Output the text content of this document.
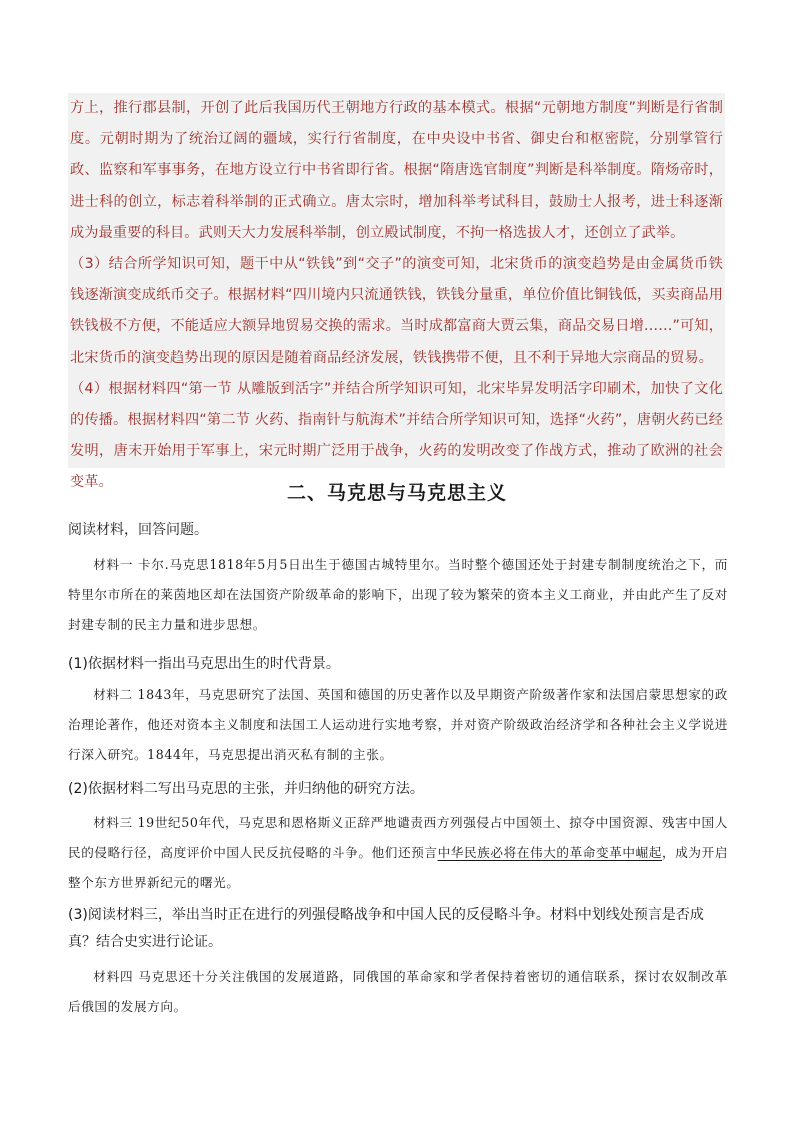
方上，推行郡县制，开创了此后我国历代王朝地方行政的基本模式。根据“元朝地方制度”判断是行省制度。元朝时期为了统治辽阔的疆域，实行行省制度，在中央设中书省、御史台和枢密院，分别掌管行政、监察和军事事务，在地方设立行中书省即行省。根据“隋唐选官制度”判断是科举制度。隋炀帝时，进士科的创立，标志着科举制的正式确立。唐太宗时，增加科举考试科目，鼓励士人报考，进士科逐渐成为最重要的科目。武则天大力发展科举制，创立殿试制度，不拘一格选拔人才，还创立了武举。

（3）结合所学知识可知，题干中从“铁钱”到“交子”的演变可知，北宋货币的演变趋势是由金属货币铁钱逐渐演变成纸币交子。根据材料“四川境内只流通铁钱，铁钱分量重，单位价值比铜钱低，买卖商品用铁钱极不方便，不能适应大额异地贸易交换的需求。当时成都富商大贾云集，商品交易日增……”可知，北宋货币的演变趋势出现的原因是随着商品经济发展，铁钱携带不便，且不利于异地大宗商品的贸易。

（4）根据材料四“第一节 从雕版到活字”并结合所学知识可知，北宋毕昇发明活字印刷术，加快了文化的传播。根据材料四“第二节 火药、指南针与航海术”并结合所学知识可知，选择“火药”，唐朝火药已经发明，唐末开始用于军事上，宋元时期广泛用于战争，火药的发明改变了作战方式，推动了欧洲的社会变革。	二、马克思与马克思主义

阅读材料，回答问题。

材料一 卡尔.马克思1818年5月5日出生于德国古城特里尔。当时整个德国还处于封建专制制度统治之下，而特里尔市所在的莱茵地区却在法国资产阶级革命的影响下，出现了较为繁荣的资本主义工商业，并由此产生了反对封建专制的民主力量和进步思想。

(1)依据材料一指出马克思出生的时代背景。

材料二 1843年，马克思研究了法国、英国和德国的历史著作以及早期资产阶级著作家和法国启蒙思想家的政治理论著作，他还对资本主义制度和法国工人运动进行实地考察，并对资产阶级政治经济学和各种社会主义学说进行深入研究。1844年，马克思提出消灭私有制的主张。

(2)依据材料二写出马克思的主张，并归纳他的研究方法。

材料三 19世纪50年代，马克思和恩格斯义正辞严地谴责西方列强侵占中国领土、掠夺中国资源、残害中国人民的侵略行径，高度评价中国人民反抗侵略的斗争。他们还预言中华民族必将在伟大的革命变革中崛起，成为开启整个东方世界新纪元的曙光。

(3)阅读材料三，举出当时正在进行的列强侵略战争和中国人民的反侵略斗争。材料中划线处预言是否成真？结合史实进行论证。

材料四 马克思还十分关注俄国的发展道路，同俄国的革命家和学者保持着密切的通信联系，探讨农奴制改革后俄国的发展方向。
